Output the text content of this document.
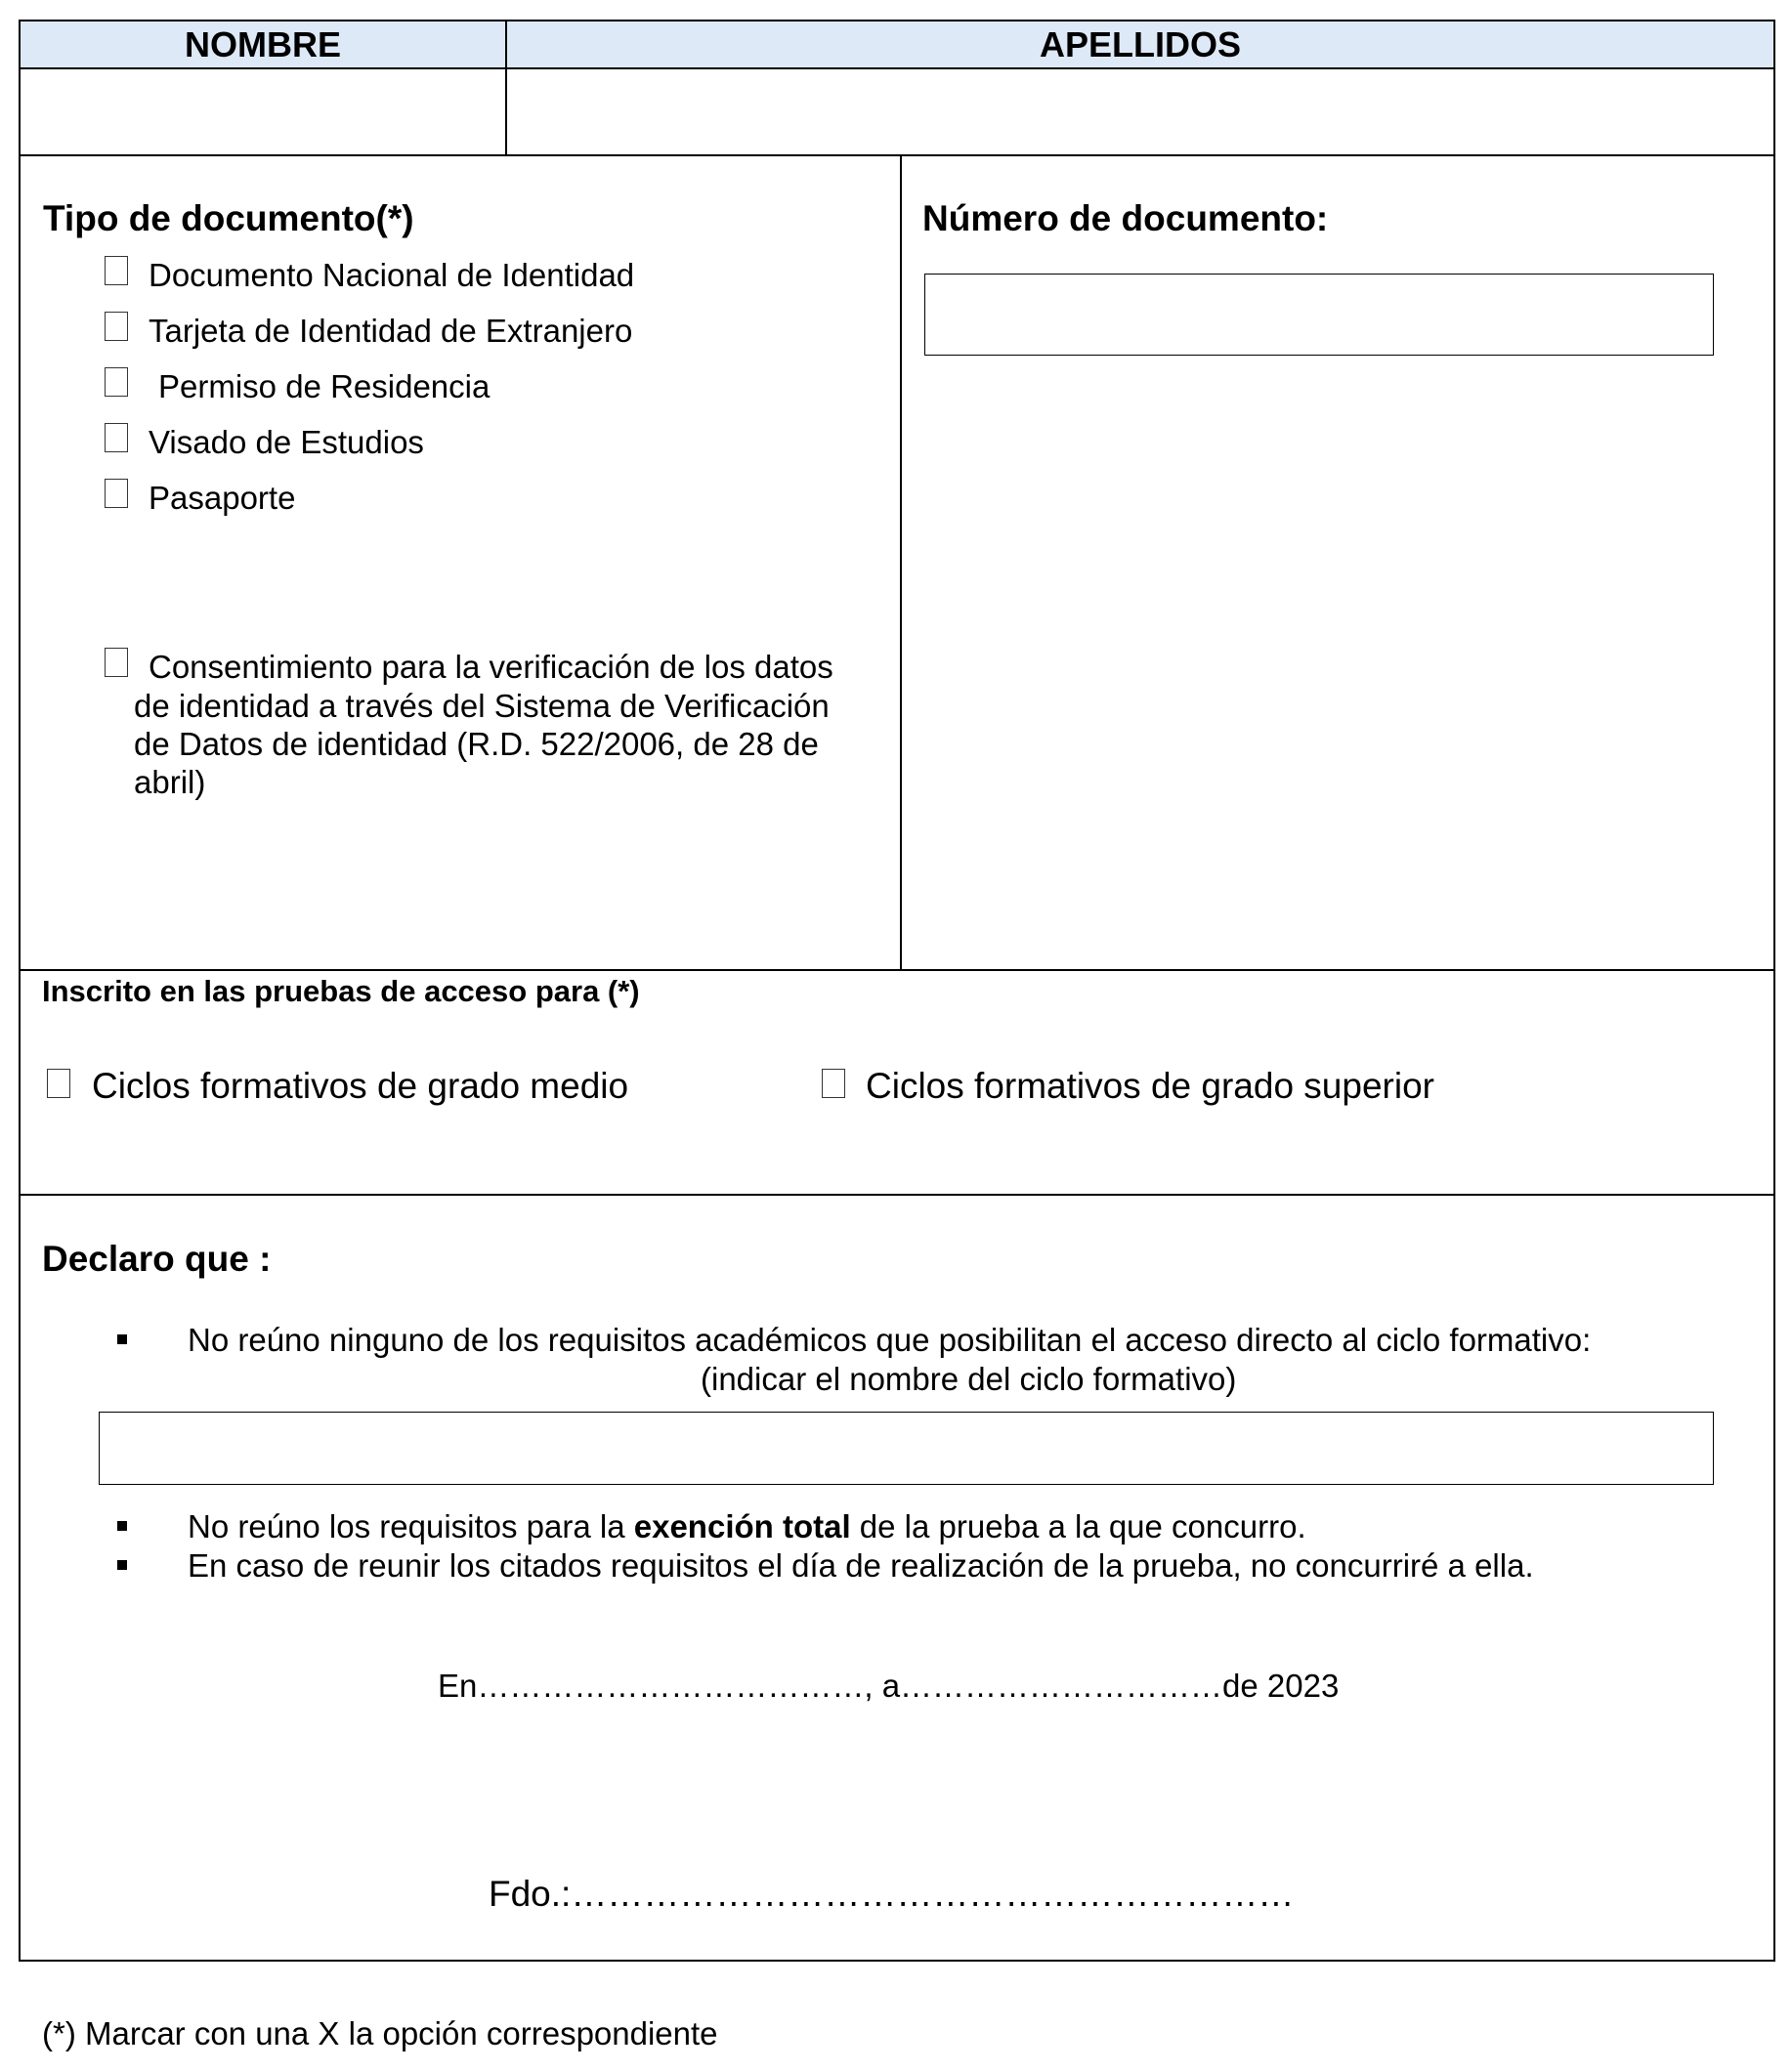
NOMBRE	APELLIDOS
Tipo de documento(*)
Documento Nacional de Identidad
Tarjeta de Identidad de Extranjero
Permiso de Residencia
Visado de Estudios
Pasaporte
Consentimiento para la verificación de los datos
de identidad a través del Sistema de Verificación
de Datos de identidad (R.D. 522/2006, de 28 de
abril)
Número de documento:
Inscrito en las pruebas de acceso para (*)
Ciclos formativos de grado medio	Ciclos formativos de grado superior
Declaro que :
No reúno ninguno de los requisitos académicos que posibilitan el acceso directo al ciclo formativo:
(indicar el nombre del ciclo formativo)
No reúno los requisitos para la exención total de la prueba a la que concurro.
En caso de reunir los citados requisitos el día de realización de la prueba, no concurriré a ella.
En………………………………, a…………………………de 2023
Fdo.:……………………………………………………
(*) Marcar con una X la opción correspondiente
